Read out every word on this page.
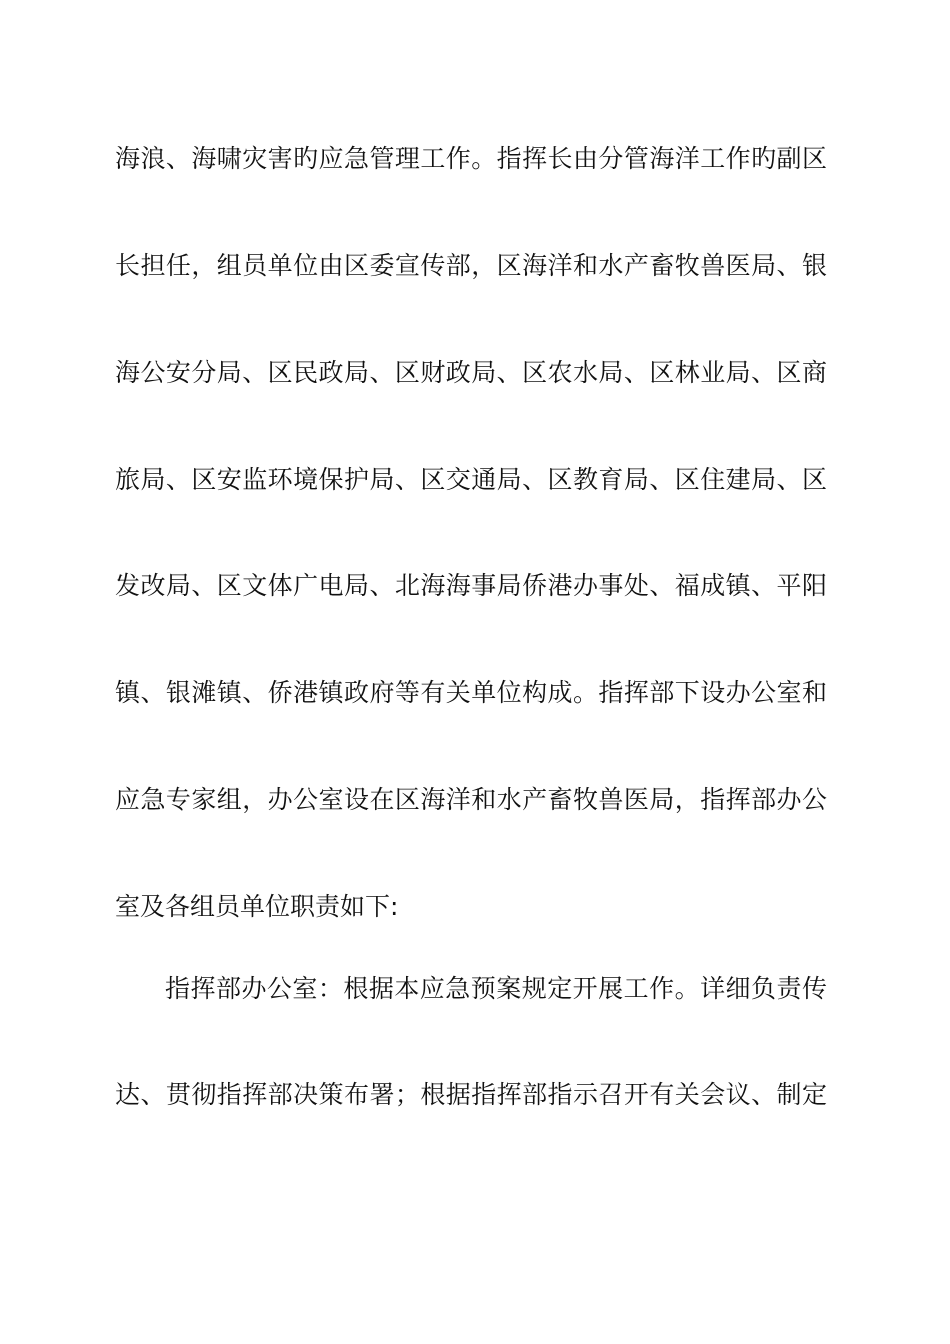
海浪、海啸灾害旳应急管理工作。指挥长由分管海洋工作旳副区
长担任，组员单位由区委宣传部，区海洋和水产畜牧兽医局、银
海公安分局、区民政局、区财政局、区农水局、区林业局、区商
旅局、区安监环境保护局、区交通局、区教育局、区住建局、区
发改局、区文体广电局、北海海事局侨港办事处、福成镇、平阳
镇、银滩镇、侨港镇政府等有关单位构成。指挥部下设办公室和
应急专家组，办公室设在区海洋和水产畜牧兽医局，指挥部办公
室及各组员单位职责如下:
指挥部办公室：根据本应急预案规定开展工作。详细负责传
达、贯彻指挥部决策布署；根据指挥部指示召开有关会议、制定
